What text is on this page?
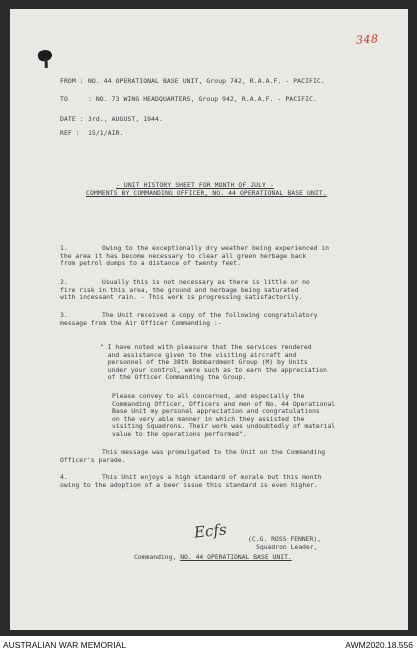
348
FROM : NO. 44 OPERATIONAL BASE UNIT, Group 742, R.A.A.F. - PACIFIC.
TO	: NO. 73 WING HEADQUARTERS, Group 942, R.A.A.F. - PACIFIC.
DATE : 3rd., AUGUST, 1944.
REF : 15/1/AIR.
- UNIT HISTORY SHEET FOR MONTH OF JULY -
COMMENTS BY COMMANDING OFFICER, NO. 44 OPERATIONAL BASE UNIT.
1.	Owing to the exceptionally dry weather being experienced in
the area it has become necessary to clear all green herbage back
from petrol dumps to a distance of twenty feet.
2.	Usually this is not necessary as there is little or no
fire risk in this area, the ground and herbage being saturated
with incessant rain. - This work is progressing satisfactorily.
3.	The Unit received a copy of the following congratulatory
message from the Air Officer Commanding :-
" I have noted with pleasure that the services rendered
and assistance given to the visiting aircraft and
personnel of the 38th Bombardment Group (M) by Units
under your control, were such as to earn the appreciation
of the Officer Commanding the Group.
Please convey to all concerned, and especially the
Commanding Officer, Officers and men of No. 44 Operational
Base Unit my personal appreciation and congratulations
on the very able manner in which they assisted the
visiting Squadrons. Their work was undoubtedly of material
value to the operations performed".
This message was promulgated to the Unit on the Commanding
Officer's parade.
4.	This Unit enjoys a high standard of morale but this month
owing to the adoption of a beer issue this standard is even higher.
Ecfs	(C.G. ROSS FENNER),
Squadron Leader,
Commanding, NO. 44 OPERATIONAL BASE UNIT.
AUSTRALIAN WAR MEMORIAL	AWM2020.18.556
